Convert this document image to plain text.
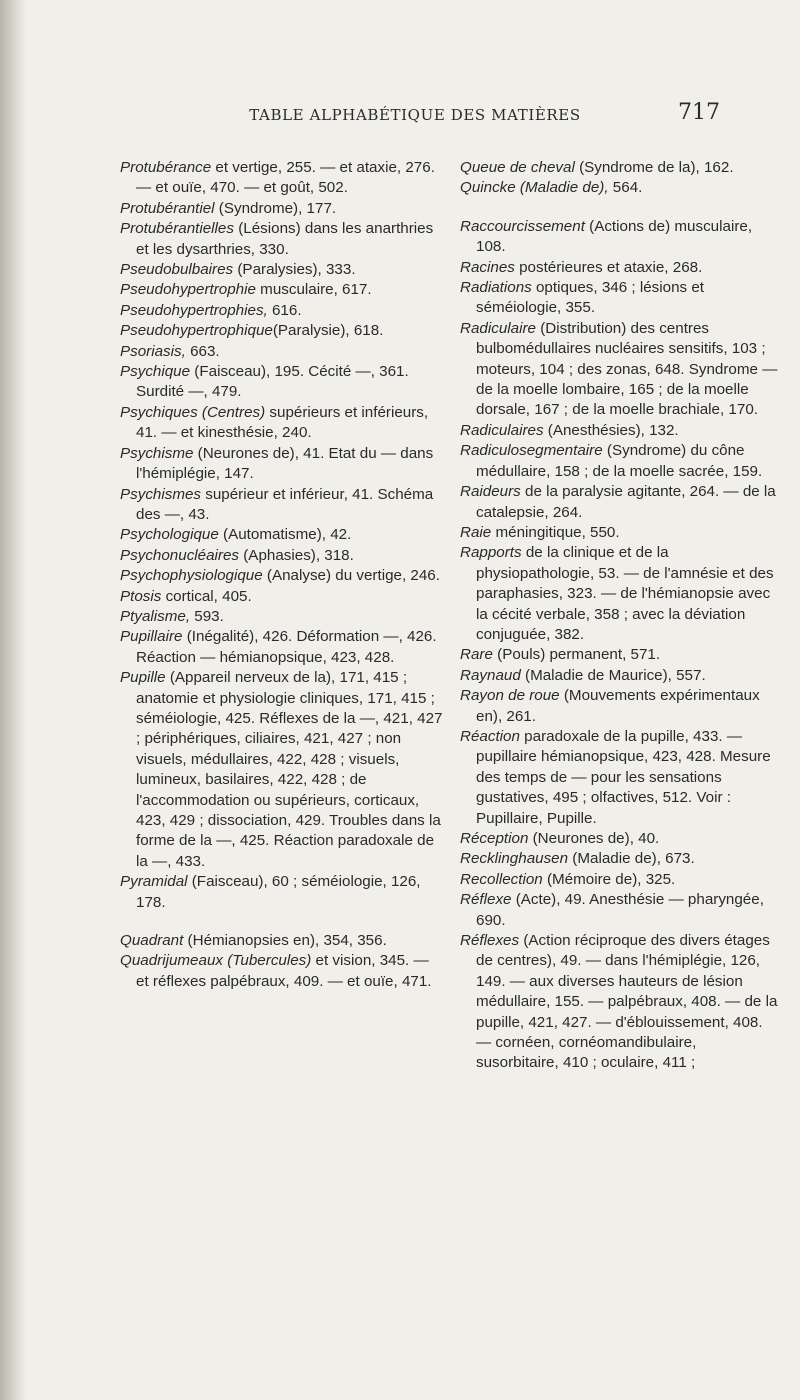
TABLE ALPHABÉTIQUE DES MATIÈRES	717

Protubérance et vertige, 255. — et ataxie, 276. — et ouïe, 470. — et goût, 502.

Protubérantiel (Syndrome), 177.

Protubérantielles (Lésions) dans les anarthries et les dysarthries, 330.

Pseudobulbaires (Paralysies), 333.

Pseudohypertrophie musculaire, 617.

Pseudohypertrophies, 616.

Pseudohypertrophique(Paralysie), 618.

Psoriasis, 663.

Psychique (Faisceau), 195. Cécité —, 361. Surdité —, 479.

Psychiques (Centres) supérieurs et inférieurs, 41. — et kinesthésie, 240.

Psychisme (Neurones de), 41. Etat du — dans l'hémiplégie, 147.

Psychismes supérieur et inférieur, 41. Schéma des —, 43.

Psychologique (Automatisme), 42.

Psychonucléaires (Aphasies), 318.

Psychophysiologique (Analyse) du vertige, 246.

Ptosis cortical, 405.

Ptyalisme, 593.

Pupillaire (Inégalité), 426. Déformation —, 426. Réaction — hémianopsique, 423, 428.

Pupille (Appareil nerveux de la), 171, 415 ; anatomie et physiologie cliniques, 171, 415 ; séméiologie, 425. Réflexes de la —, 421, 427 ; périphériques, ciliaires, 421, 427 ; non visuels, médullaires, 422, 428 ; visuels, lumineux, basilaires, 422, 428 ; de l'accommodation ou supérieurs, corticaux, 423, 429 ; dissociation, 429. Troubles dans la forme de la —, 425. Réaction paradoxale de la —, 433.

Pyramidal (Faisceau), 60 ; séméiologie, 126, 178.

Quadrant (Hémianopsies en), 354, 356.

Quadrijumeaux (Tubercules) et vision, 345. — et réflexes palpébraux, 409. — et ouïe, 471.

Queue de cheval (Syndrome de la), 162.

Quincke (Maladie de), 564.

Raccourcissement (Actions de) musculaire, 108.

Racines postérieures et ataxie, 268.

Radiations optiques, 346 ; lésions et séméiologie, 355.

Radiculaire (Distribution) des centres bulbomédullaires nucléaires sensitifs, 103 ; moteurs, 104 ; des zonas, 648. Syndrome — de la moelle lombaire, 165 ; de la moelle dorsale, 167 ; de la moelle brachiale, 170.

Radiculaires (Anesthésies), 132.

Radiculosegmentaire (Syndrome) du cône médullaire, 158 ; de la moelle sacrée, 159.

Raideurs de la paralysie agitante, 264. — de la catalepsie, 264.

Raie méningitique, 550.

Rapports de la clinique et de la physiopathologie, 53. — de l'amnésie et des paraphasies, 323. — de l'hémianopsie avec la cécité verbale, 358 ; avec la déviation conjuguée, 382.

Rare (Pouls) permanent, 571.

Raynaud (Maladie de Maurice), 557.

Rayon de roue (Mouvements expérimentaux en), 261.

Réaction paradoxale de la pupille, 433. — pupillaire hémianopsique, 423, 428. Mesure des temps de — pour les sensations gustatives, 495 ; olfactives, 512. Voir : Pupillaire, Pupille.

Réception (Neurones de), 40.

Recklinghausen (Maladie de), 673.

Recollection (Mémoire de), 325.

Réflexe (Acte), 49. Anesthésie — pharyngée, 690.

Réflexes (Action réciproque des divers étages de centres), 49. — dans l'hémiplégie, 126, 149. — aux diverses hauteurs de lésion médullaire, 155. — palpébraux, 408. — de la pupille, 421, 427. — d'éblouissement, 408. — cornéen, cornéomandibulaire, susorbitaire, 410 ; oculaire, 411 ;
